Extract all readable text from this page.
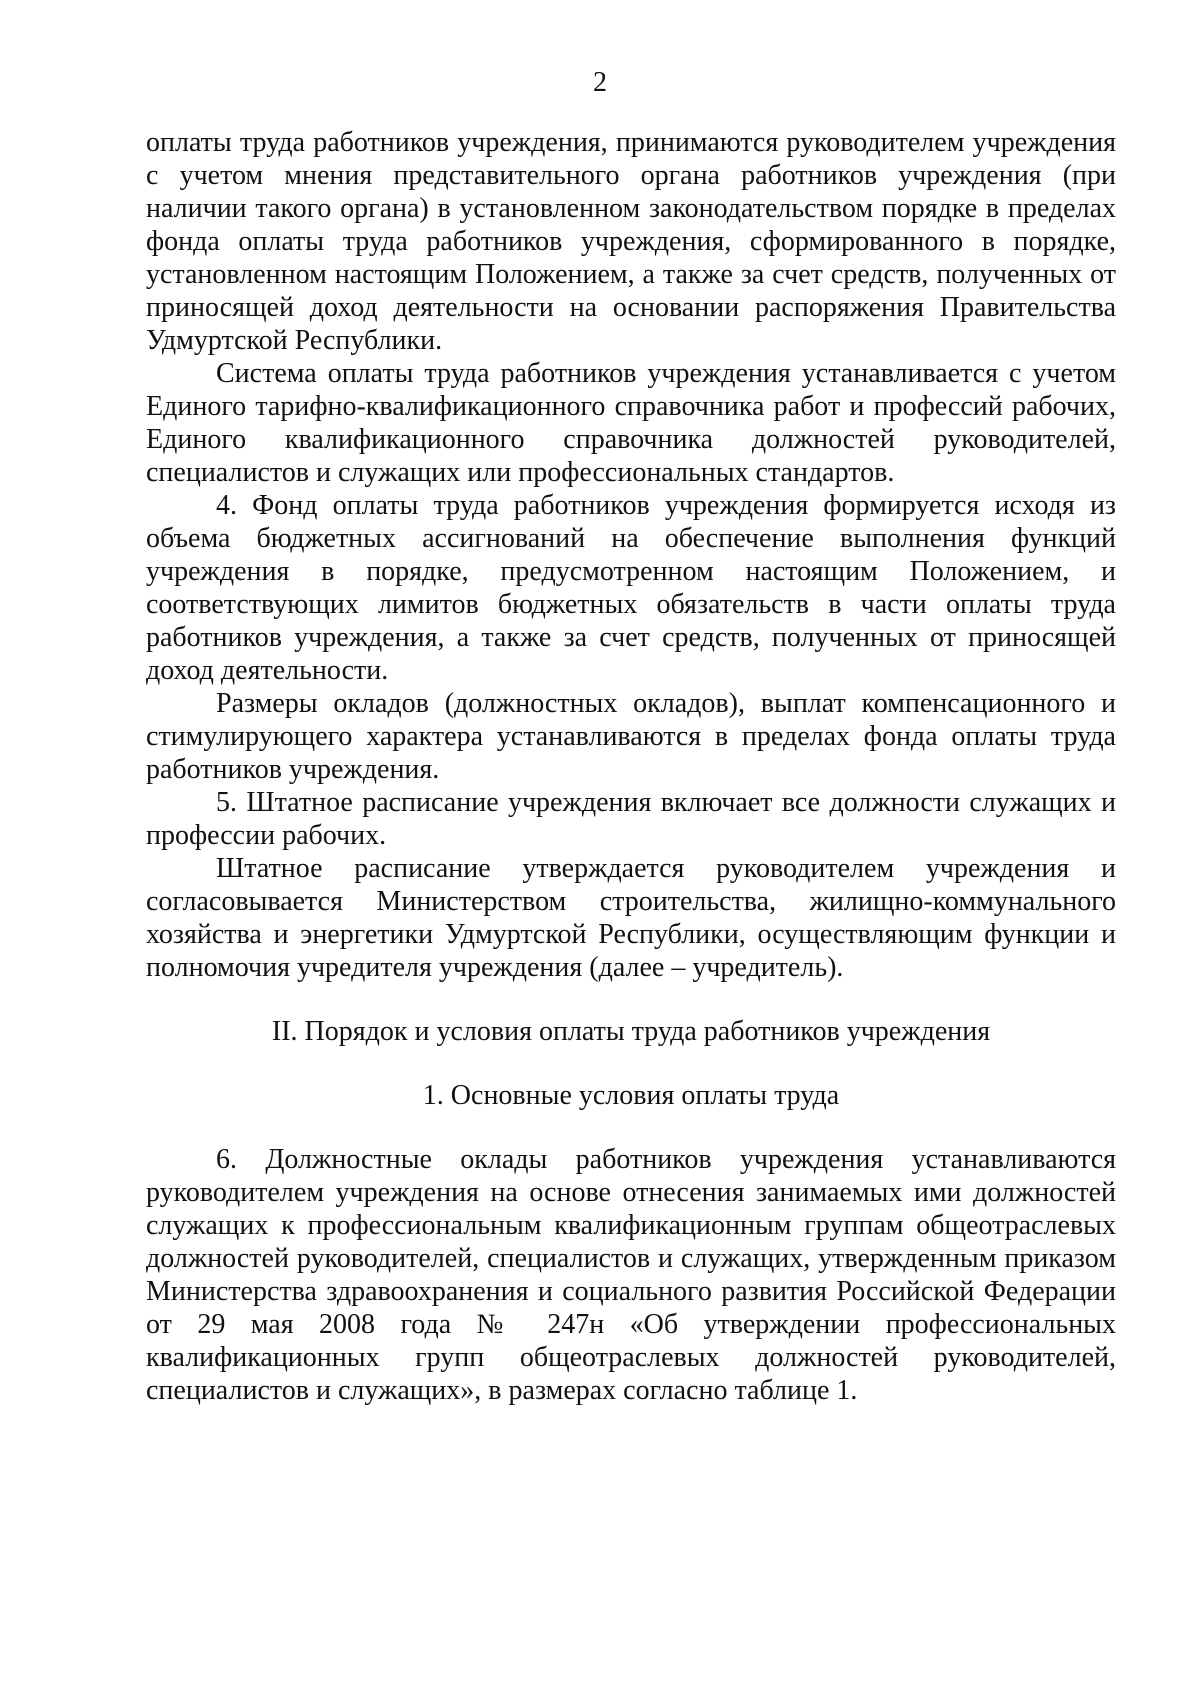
2

оплаты труда работников учреждения, принимаются руководителем учреждения с учетом мнения представительного органа работников учреждения (при наличии такого органа) в установленном законодательством порядке в пределах фонда оплаты труда работников учреждения, сформированного в порядке, установленном настоящим Положением, а также за счет средств, полученных от приносящей доход деятельности на основании распоряжения Правительства Удмуртской Республики.

Система оплаты труда работников учреждения устанавливается с учетом Единого тарифно-квалификационного справочника работ и профессий рабочих, Единого квалификационного справочника должностей руководителей, специалистов и служащих или профессиональных стандартов.

4. Фонд оплаты труда работников учреждения формируется исходя из объема бюджетных ассигнований на обеспечение выполнения функций учреждения в порядке, предусмотренном настоящим Положением, и соответствующих лимитов бюджетных обязательств в части оплаты труда работников учреждения, а также за счет средств, полученных от приносящей доход деятельности.

Размеры окладов (должностных окладов), выплат компенсационного и стимулирующего характера устанавливаются в пределах фонда оплаты труда работников учреждения.

5. Штатное расписание учреждения включает все должности служащих и профессии рабочих.

Штатное расписание утверждается руководителем учреждения и согласовывается Министерством строительства, жилищно-коммунального хозяйства и энергетики Удмуртской Республики, осуществляющим функции и полномочия учредителя учреждения (далее – учредитель).

II. Порядок и условия оплаты труда работников учреждения

1. Основные условия оплаты труда

6. Должностные оклады работников учреждения устанавливаются руководителем учреждения на основе отнесения занимаемых ими должностей служащих к профессиональным квалификационным группам общеотраслевых должностей руководителей, специалистов и служащих, утвержденным приказом Министерства здравоохранения и социального развития Российской Федерации от 29 мая 2008 года № 247н «Об утверждении профессиональных квалификационных групп общеотраслевых должностей руководителей, специалистов и служащих», в размерах согласно таблице 1.
